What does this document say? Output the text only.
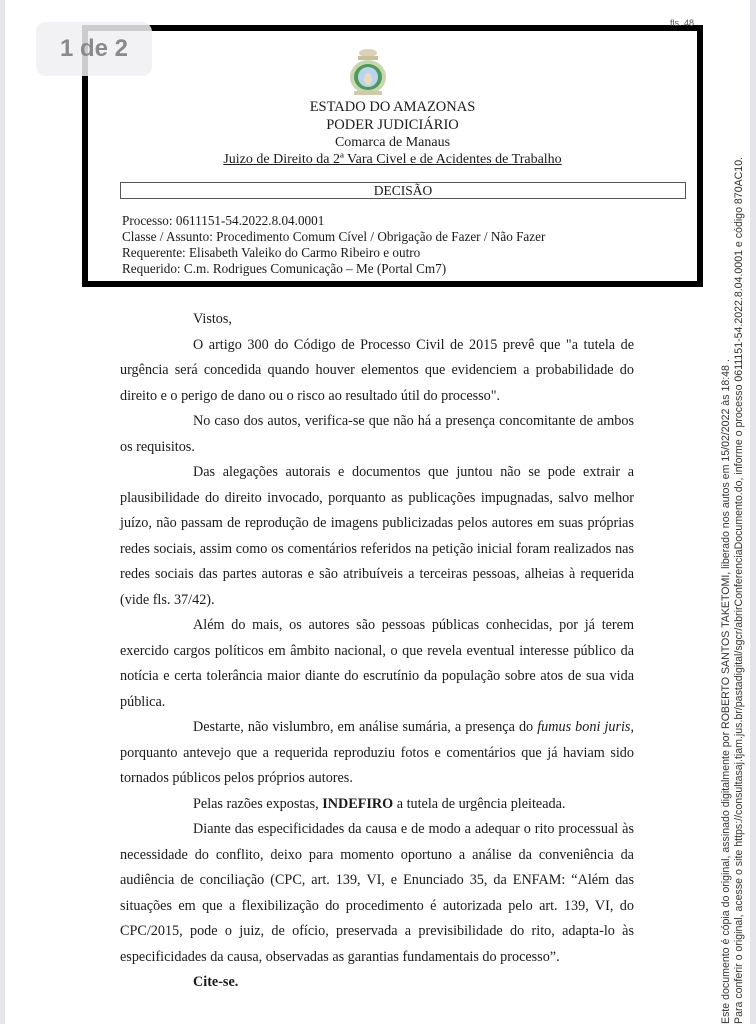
1 de 2
fls. 48
ESTADO DO AMAZONAS
PODER JUDICIÁRIO
Comarca de Manaus
Juizo de Direito da 2ª Vara Civel e de Acidentes de Trabalho
DECISÃO
Processo: 0611151-54.2022.8.04.0001
Classe / Assunto: Procedimento Comum Cível / Obrigação de Fazer / Não Fazer
Requerente: Elisabeth Valeiko do Carmo Ribeiro e outro
Requerido: C.m. Rodrigues Comunicação – Me (Portal Cm7)

Vistos,

O artigo 300 do Código de Processo Civil de 2015 prevê que "a tutela de urgência será concedida quando houver elementos que evidenciem a probabilidade do direito e o perigo de dano ou o risco ao resultado útil do processo".

No caso dos autos, verifica-se que não há a presença concomitante de ambos os requisitos.

Das alegações autorais e documentos que juntou não se pode extrair a plausibilidade do direito invocado, porquanto as publicações impugnadas, salvo melhor juízo, não passam de reprodução de imagens publicizadas pelos autores em suas próprias redes sociais, assim como os comentários referidos na petição inicial foram realizados nas redes sociais das partes autoras e são atribuíveis a terceiras pessoas, alheias à requerida (vide fls. 37/42).

Além do mais, os autores são pessoas públicas conhecidas, por já terem exercido cargos políticos em âmbito nacional, o que revela eventual interesse público da notícia e certa tolerância maior diante do escrutínio da população sobre atos de sua vida pública.

Destarte, não vislumbro, em análise sumária, a presença do fumus boni juris, porquanto antevejo que a requerida reproduziu fotos e comentários que já haviam sido tornados públicos pelos próprios autores.

Pelas razões expostas, INDEFIRO a tutela de urgência pleiteada.

Diante das especificidades da causa e de modo a adequar o rito processual às necessidade do conflito, deixo para momento oportuno a análise da conveniência da audiência de conciliação (CPC, art. 139, VI, e Enunciado 35, da ENFAM: “Além das situações em que a flexibilização do procedimento é autorizada pelo art. 139, VI, do CPC/2015, pode o juiz, de ofício, preservada a previsibilidade do rito, adapta-lo às especificidades da causa, observadas as garantias fundamentais do processo”.

Cite-se.	Este documento é cópia do original, assinado digitalmente por ROBERTO SANTOS TAKETOMI, liberado nos autos em 15/02/2022 às 18:48 . Para conferir o original, acesse o site https://consultasaj.tjam.jus.br/pastadigital/sgcr/abrirConferenciaDocumento.do, informe o processo 0611151-54.2022.8.04.0001 e código 870AC10.
